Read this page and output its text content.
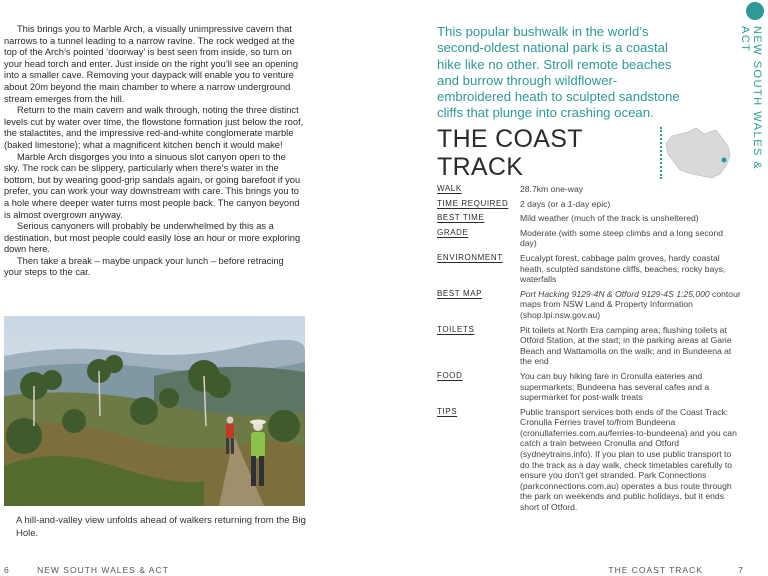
This brings you to Marble Arch, a visually unimpressive cavern that narrows to a tunnel leading to a narrow ravine. The rock wedged at the top of the Arch’s pointed ‘doorway’ is best seen from inside, so turn on your head torch and enter. Just inside on the right you’ll see an opening into a smaller cave. Removing your daypack will enable you to venture about 20m beyond the main chamber to where a narrow underground stream emerges from the hill.

Return to the main cavern and walk through, noting the three distinct levels cut by water over time, the flowstone formation just below the roof, the stalactites, and the impressive red-and-white conglomerate marble (baked limestone); what a magnificent kitchen bench it would make!

Marble Arch disgorges you into a sinuous slot canyon open to the sky. The rock can be slippery, particularly when there’s water in the bottom, but by wearing good-grip sandals again, or going barefoot if you prefer, you can work your way downstream with care. This brings you to a hole where deeper water turns most people back. The canyon beyond is almost overgrown anyway.

Serious canyoners will probably be underwhelmed by this as a destination, but most people could easily lose an hour or more exploring down here.

Then take a break – maybe unpack your lunch – before retracing your steps to the car.

A hill-and-valley view unfolds ahead of walkers returning from the Big Hole.
6	NEW SOUTH WALES & ACT
This popular bushwalk in the world’s second-oldest national park is a coastal hike like no other. Stroll remote beaches and burrow through wildflower-embroidered heath to sculpted sandstone cliffs that plunge into crashing ocean.
THE COAST
TRACK
WALK	28.7km one-way
TIME REQUIRED	2 days (or a 1-day epic)
BEST TIME	Mild weather (much of the track is unsheltered)
GRADE	Moderate (with some steep climbs and a long second day)
ENVIRONMENT	Eucalypt forest, cabbage palm groves, hardy coastal heath, sculpted sandstone cliffs, beaches, rocky bays, waterfalls
BEST MAP	Port Hacking 9129-4N & Otford 9129-4S 1:25,000 contour maps from NSW Land & Property Information (shop.lpi.nsw.gov.au)
TOILETS	Pit toilets at North Era camping area; flushing toilets at Otford Station, at the start; in the parking areas at Garie Beach and Wattamolla on the walk; and in Bundeena at the end
FOOD	You can buy hiking fare in Cronulla eateries and supermarkets; Bundeena has several cafes and a supermarket for post-walk treats
TIPS	Public transport services both ends of the Coast Track: Cronulla Ferries travel to/from Bundeena (cronullaferries.com.au/ferries-to-bundeena) and you can catch a train between Cronulla and Otford (sydneytrains.info). If you plan to use public transport to do the track as a day walk, check timetables carefully to ensure you don’t get stranded. Park Connections (parkconnections.com.au) operates a bus route through the park on weekends and public holidays, but it ends short of Otford.
NEW SOUTH WALES & ACT
THE COAST TRACK	7
